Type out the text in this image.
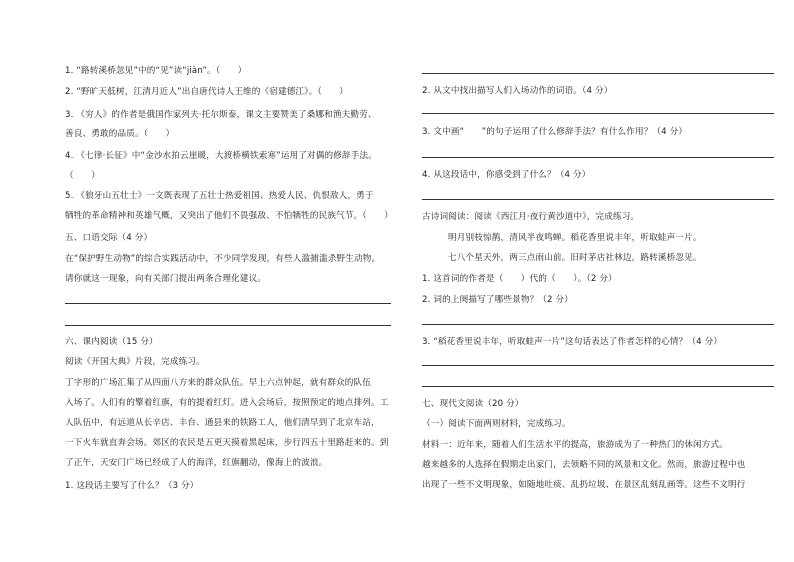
1. “路转溪桥忽见”中的“见”读“jiàn”。（　　）
2. “野旷天低树，江清月近人”出自唐代诗人王维的《宿建德江》。（　　）
3. 《穷人》的作者是俄国作家列夫·托尔斯泰，课文主要赞美了桑娜和渔夫勤劳、
善良、勇敢的品质。（　　）
4. 《七律·长征》中“金沙水拍云崖暖，大渡桥横铁索寒”运用了对偶的修辞手法。
（　　）
5. 《狼牙山五壮士》一文既表现了五壮士热爱祖国、热爱人民、仇恨敌人，勇于
牺牲的革命精神和英雄气概，又突出了他们不畏强敌、不怕牺牲的民族气节。（　　）
五、口语交际（4 分）
在“保护野生动物”的综合实践活动中，不少同学发现，有些人滥捕滥杀野生动物。
请你就这一现象，向有关部门提出两条合理化建议。
六、课内阅读（15 分）
阅读《开国大典》片段，完成练习。
丁字形的广场汇集了从四面八方来的群众队伍。早上六点钟起，就有群众的队伍
入场了。人们有的擎着红旗，有的提着红灯。进入会场后，按照预定的地点排列。工
人队伍中，有远道从长辛店、丰台、通县来的铁路工人，他们清早到了北京车站，
一下火车就直奔会场。郊区的农民是五更天摸着黑起床，步行四五十里路赶来的。到
了正午，天安门广场已经成了人的海洋，红旗翻动，像海上的波浪。
1. 这段话主要写了什么？（3 分）
2. 从文中找出描写人们入场动作的词语。（4 分）
3. 文中画“　　”的句子运用了什么修辞手法？有什么作用？（4 分）
4. 从这段话中，你感受到了什么？（4 分）
古诗词阅读：阅读《西江月·夜行黄沙道中》，完成练习。
明月别枝惊鹊，清风半夜鸣蝉。稻花香里说丰年，听取蛙声一片。
七八个星天外，两三点雨山前。旧时茅店社林边，路转溪桥忽见。
1. 这首词的作者是（　　）代的（　　）。（2 分）
2. 词的上阕描写了哪些景物？（2 分）
3. “稻花香里说丰年，听取蛙声一片”这句话表达了作者怎样的心情？（4 分）
七、现代文阅读（20 分）
（一）阅读下面两则材料，完成练习。
材料一：近年来，随着人们生活水平的提高，旅游成为了一种热门的休闲方式。
越来越多的人选择在假期走出家门，去领略不同的风景和文化。然而，旅游过程中也
出现了一些不文明现象，如随地吐痰、乱扔垃圾、在景区乱刻乱画等。这些不文明行
